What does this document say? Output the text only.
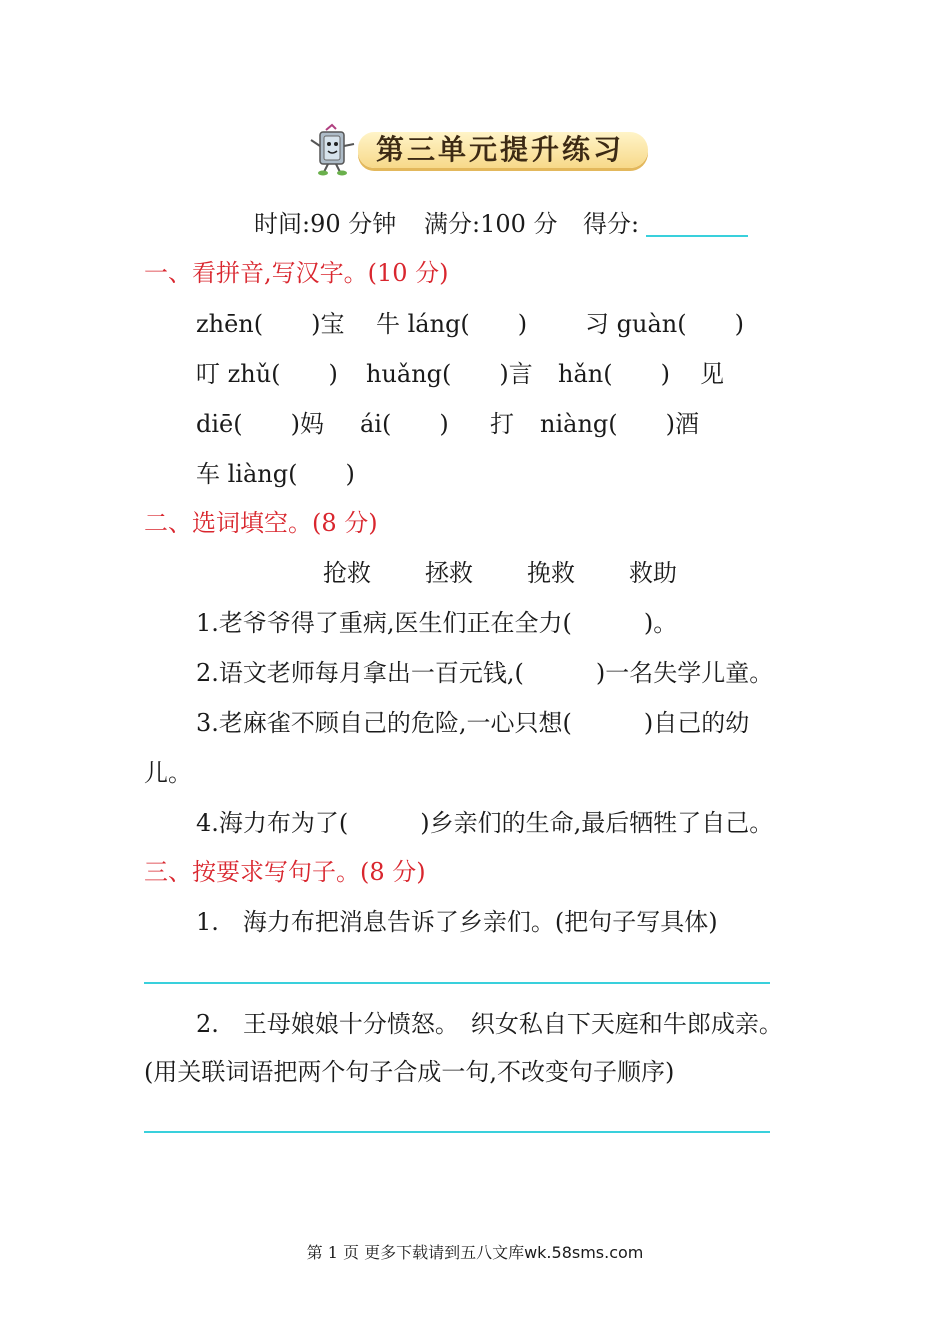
第三单元提升练习
时间:90 分钟 满分:100 分 得分:
一、看拼音,写汉字。(10 分)
zhēn(　　)宝 牛 láng(　　) 习 guàn(　　)
叮 zhǔ(　　) huǎng(　　)言 hǎn(　　) 见
diē(　　)妈 ái(　　) 打 niàng(　　)酒
车 liàng(　　)
二、选词填空。(8 分)
抢救 拯救 挽救 救助
1.老爷爷得了重病,医生们正在全力(　　　)。
2.语文老师每月拿出一百元钱,(　　　)一名失学儿童。
3.老麻雀不顾自己的危险,一心只想(　　　)自己的幼
儿。
4.海力布为了(　　　)乡亲们的生命,最后牺牲了自己。
三、按要求写句子。(8 分)
1.　海力布把消息告诉了乡亲们。(把句子写具体)
2.　王母娘娘十分愤怒。　织女私自下天庭和牛郎成亲。
(用关联词语把两个句子合成一句,不改变句子顺序)
第 1 页 更多下载请到五八文库wk.58sms.com
